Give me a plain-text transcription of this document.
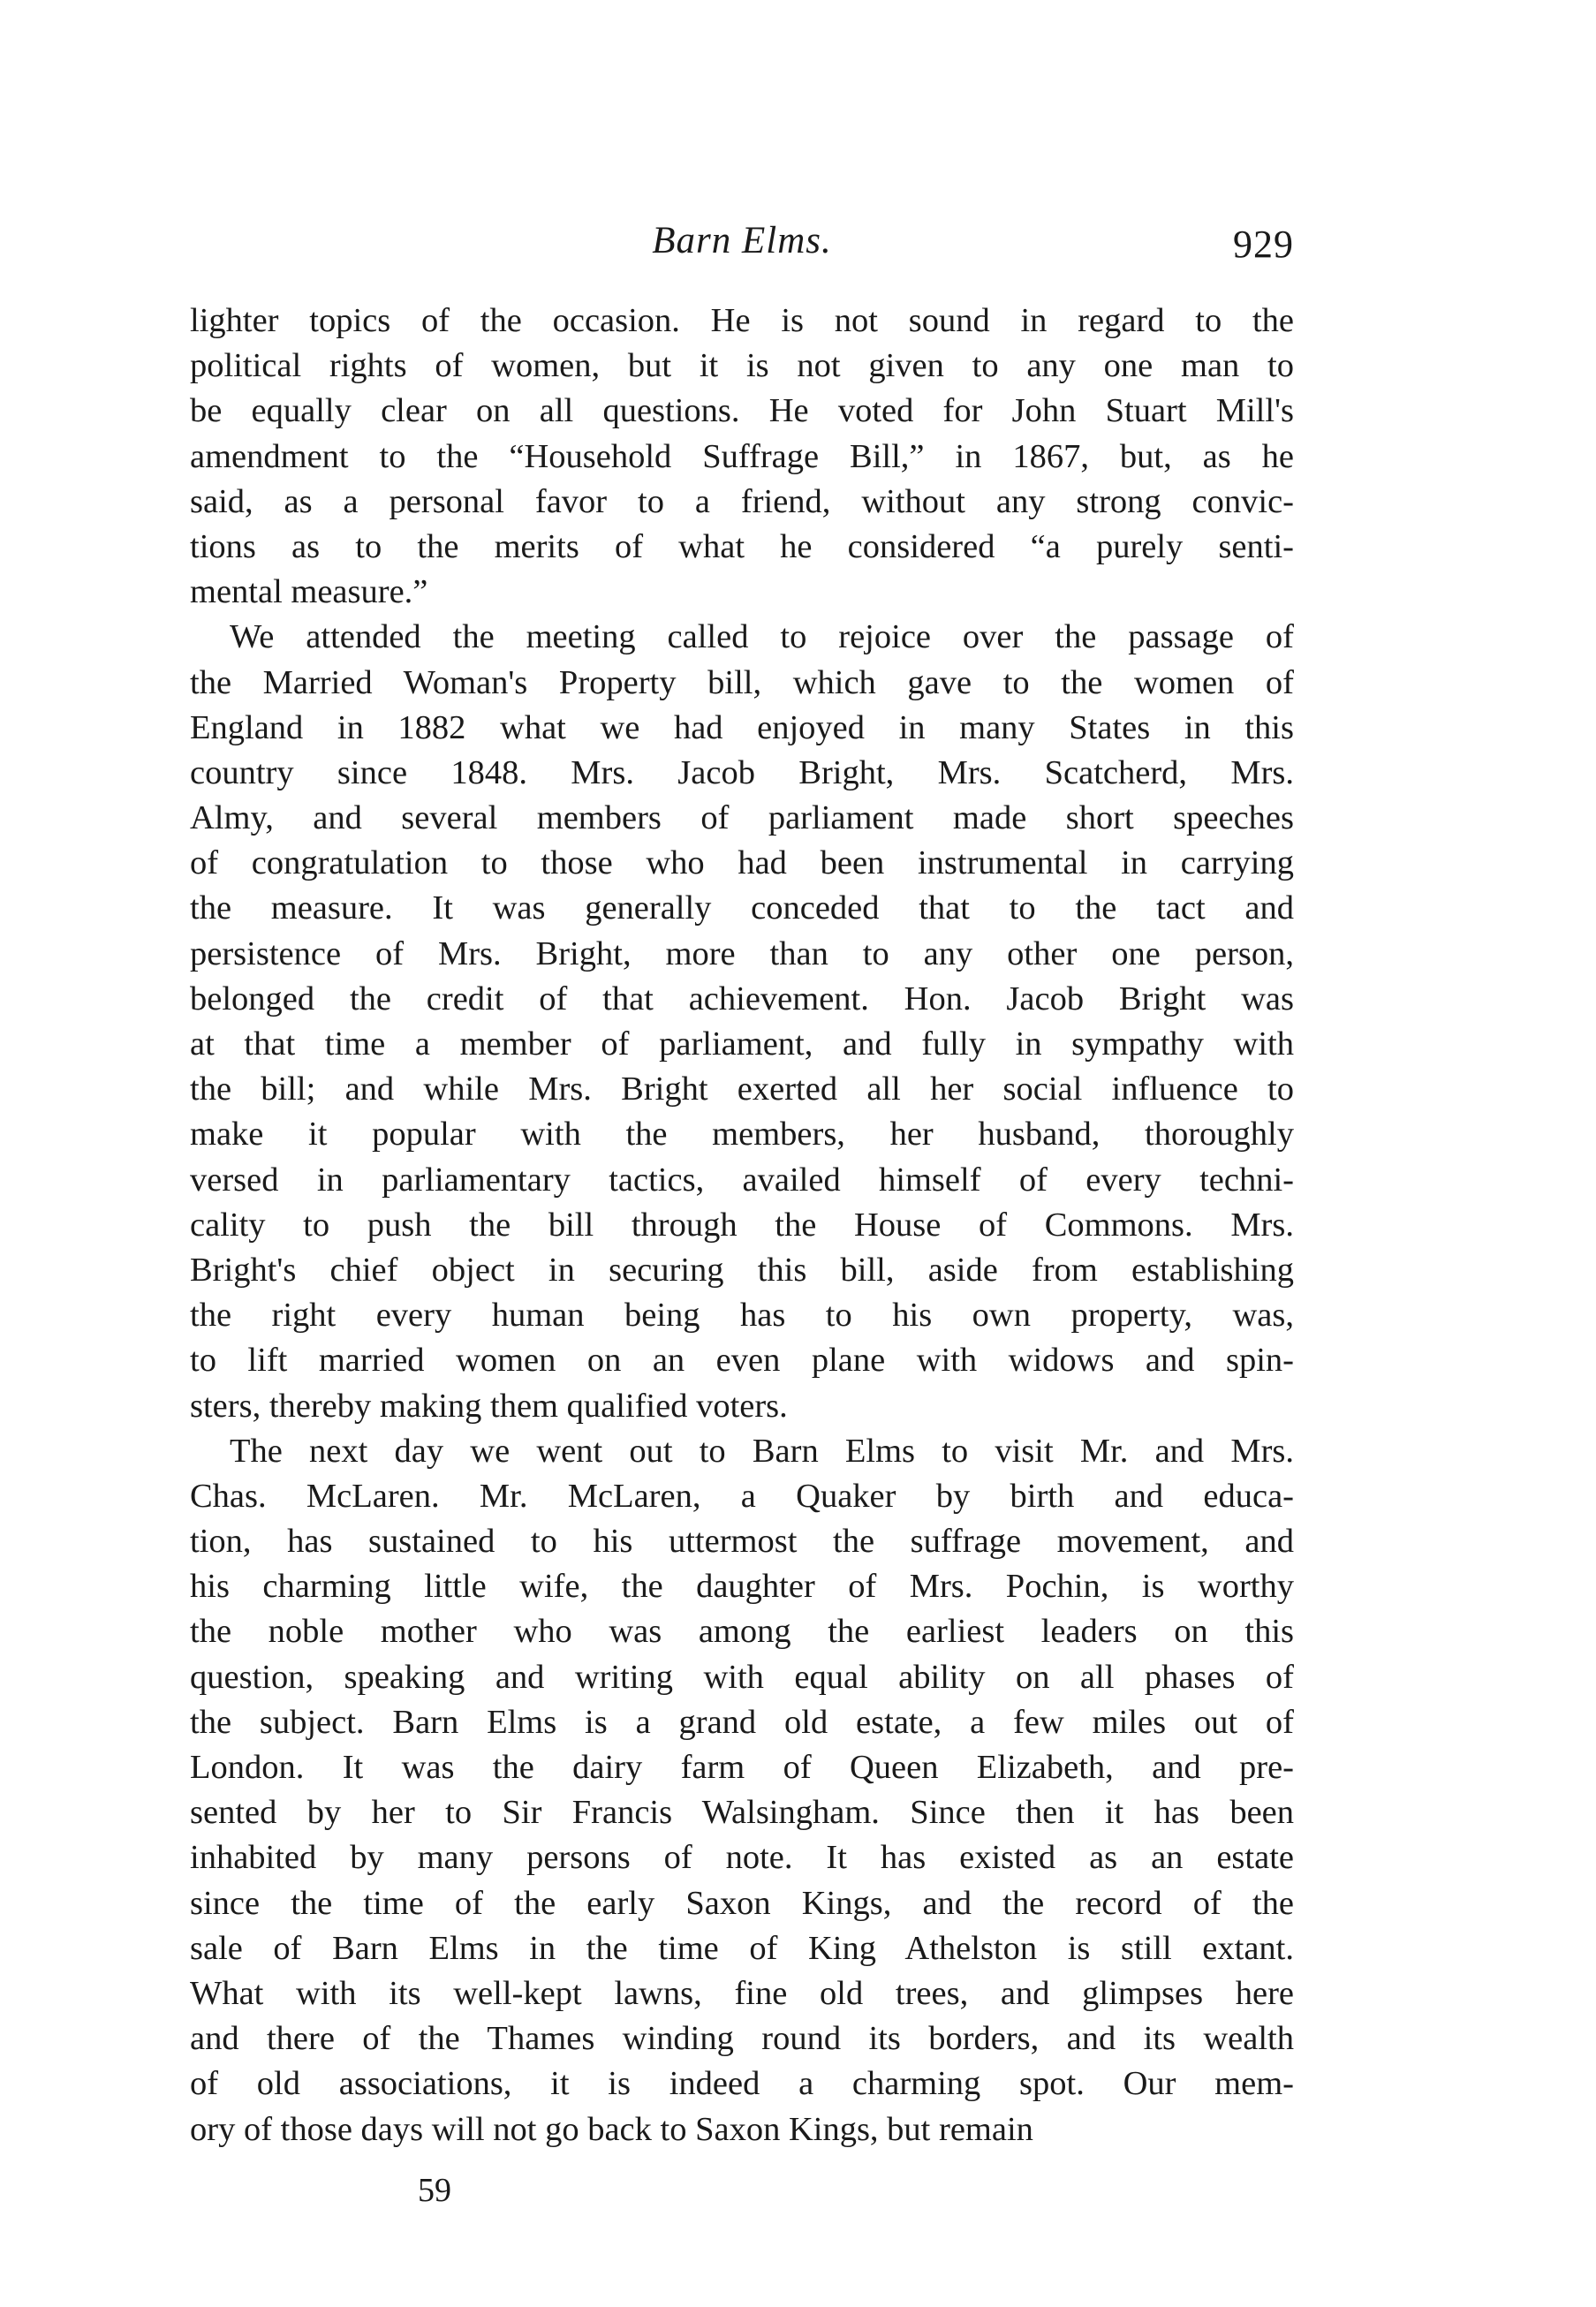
Barn Elms.	929
lighter topics of the occasion. He is not sound in regard to the
political rights of women, but it is not given to any one man to
be equally clear on all questions. He voted for John Stuart Mill's
amendment to the “Household Suffrage Bill,” in 1867, but, as he
said, as a personal favor to a friend, without any strong convic-
tions as to the merits of what he considered “a purely senti-
mental measure.”
We attended the meeting called to rejoice over the passage of
the Married Woman's Property bill, which gave to the women of
England in 1882 what we had enjoyed in many States in this
country since 1848. Mrs. Jacob Bright, Mrs. Scatcherd, Mrs.
Almy, and several members of parliament made short speeches
of congratulation to those who had been instrumental in carrying
the measure. It was generally conceded that to the tact and
persistence of Mrs. Bright, more than to any other one person,
belonged the credit of that achievement. Hon. Jacob Bright was
at that time a member of parliament, and fully in sympathy with
the bill; and while Mrs. Bright exerted all her social influence to
make it popular with the members, her husband, thoroughly
versed in parliamentary tactics, availed himself of every techni-
cality to push the bill through the House of Commons. Mrs.
Bright's chief object in securing this bill, aside from establishing
the right every human being has to his own property, was,
to lift married women on an even plane with widows and spin-
sters, thereby making them qualified voters.
The next day we went out to Barn Elms to visit Mr. and Mrs.
Chas. McLaren. Mr. McLaren, a Quaker by birth and educa-
tion, has sustained to his uttermost the suffrage movement, and
his charming little wife, the daughter of Mrs. Pochin, is worthy
the noble mother who was among the earliest leaders on this
question, speaking and writing with equal ability on all phases of
the subject. Barn Elms is a grand old estate, a few miles out of
London. It was the dairy farm of Queen Elizabeth, and pre-
sented by her to Sir Francis Walsingham. Since then it has been
inhabited by many persons of note. It has existed as an estate
since the time of the early Saxon Kings, and the record of the
sale of Barn Elms in the time of King Athelston is still extant.
What with its well-kept lawns, fine old trees, and glimpses here
and there of the Thames winding round its borders, and its wealth
of old associations, it is indeed a charming spot. Our mem-
ory of those days will not go back to Saxon Kings, but remain
59
